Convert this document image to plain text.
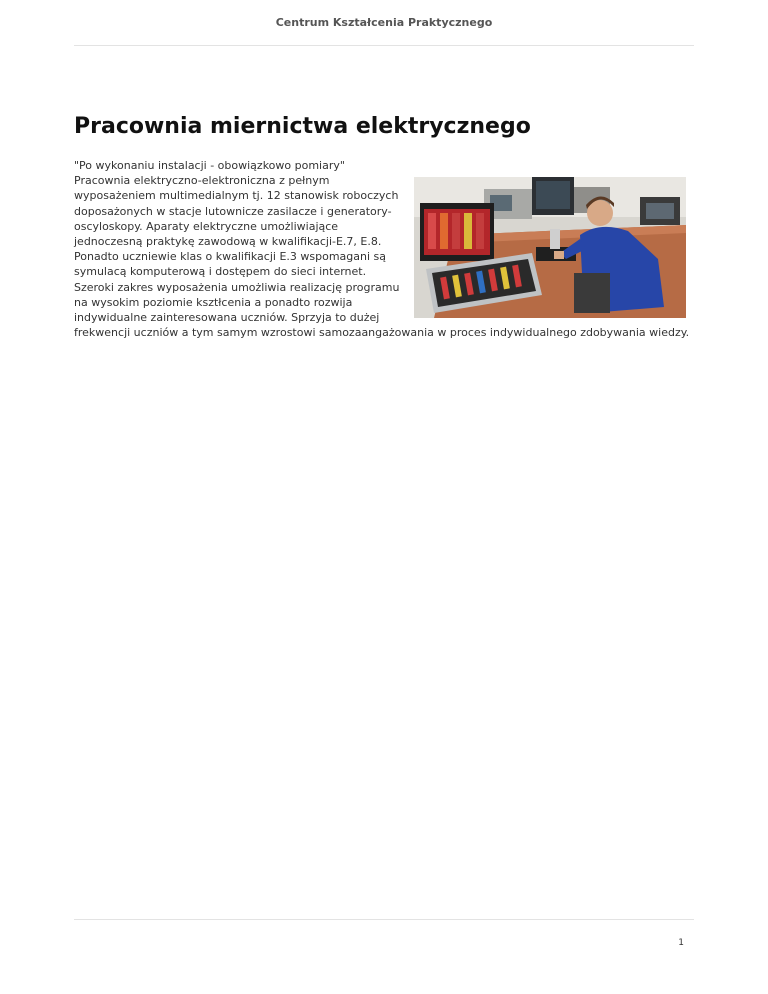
Centrum Kształcenia Praktycznego
Pracownia miernictwa elektrycznego

"Po wykonaniu instalacji - obowiązkowo pomiary"

Pracownia elektryczno-elektroniczna z pełnym wyposażeniem multimedialnym tj. 12 stanowisk roboczych doposażonych w stacje lutownicze zasilacze i generatory-oscyloskopy. Aparaty elektryczne umożliwiające jednoczesną praktykę zawodową w kwalifikacji-E.7, E.8. Ponadto uczniewie klas o kwalifikacji E.3 wspomagani są symulacą komputerową i dostępem do sieci internet. Szeroki zakres wyposażenia umożliwia realizację programu na wysokim poziomie ksztłcenia a ponadto rozwija indywidualne zainteresowana uczniów. Sprzyja to dużej frekwencji uczniów a tym samym wzrostowi samozaangażowania w proces indywidualnego zdobywania wiedzy.

1
